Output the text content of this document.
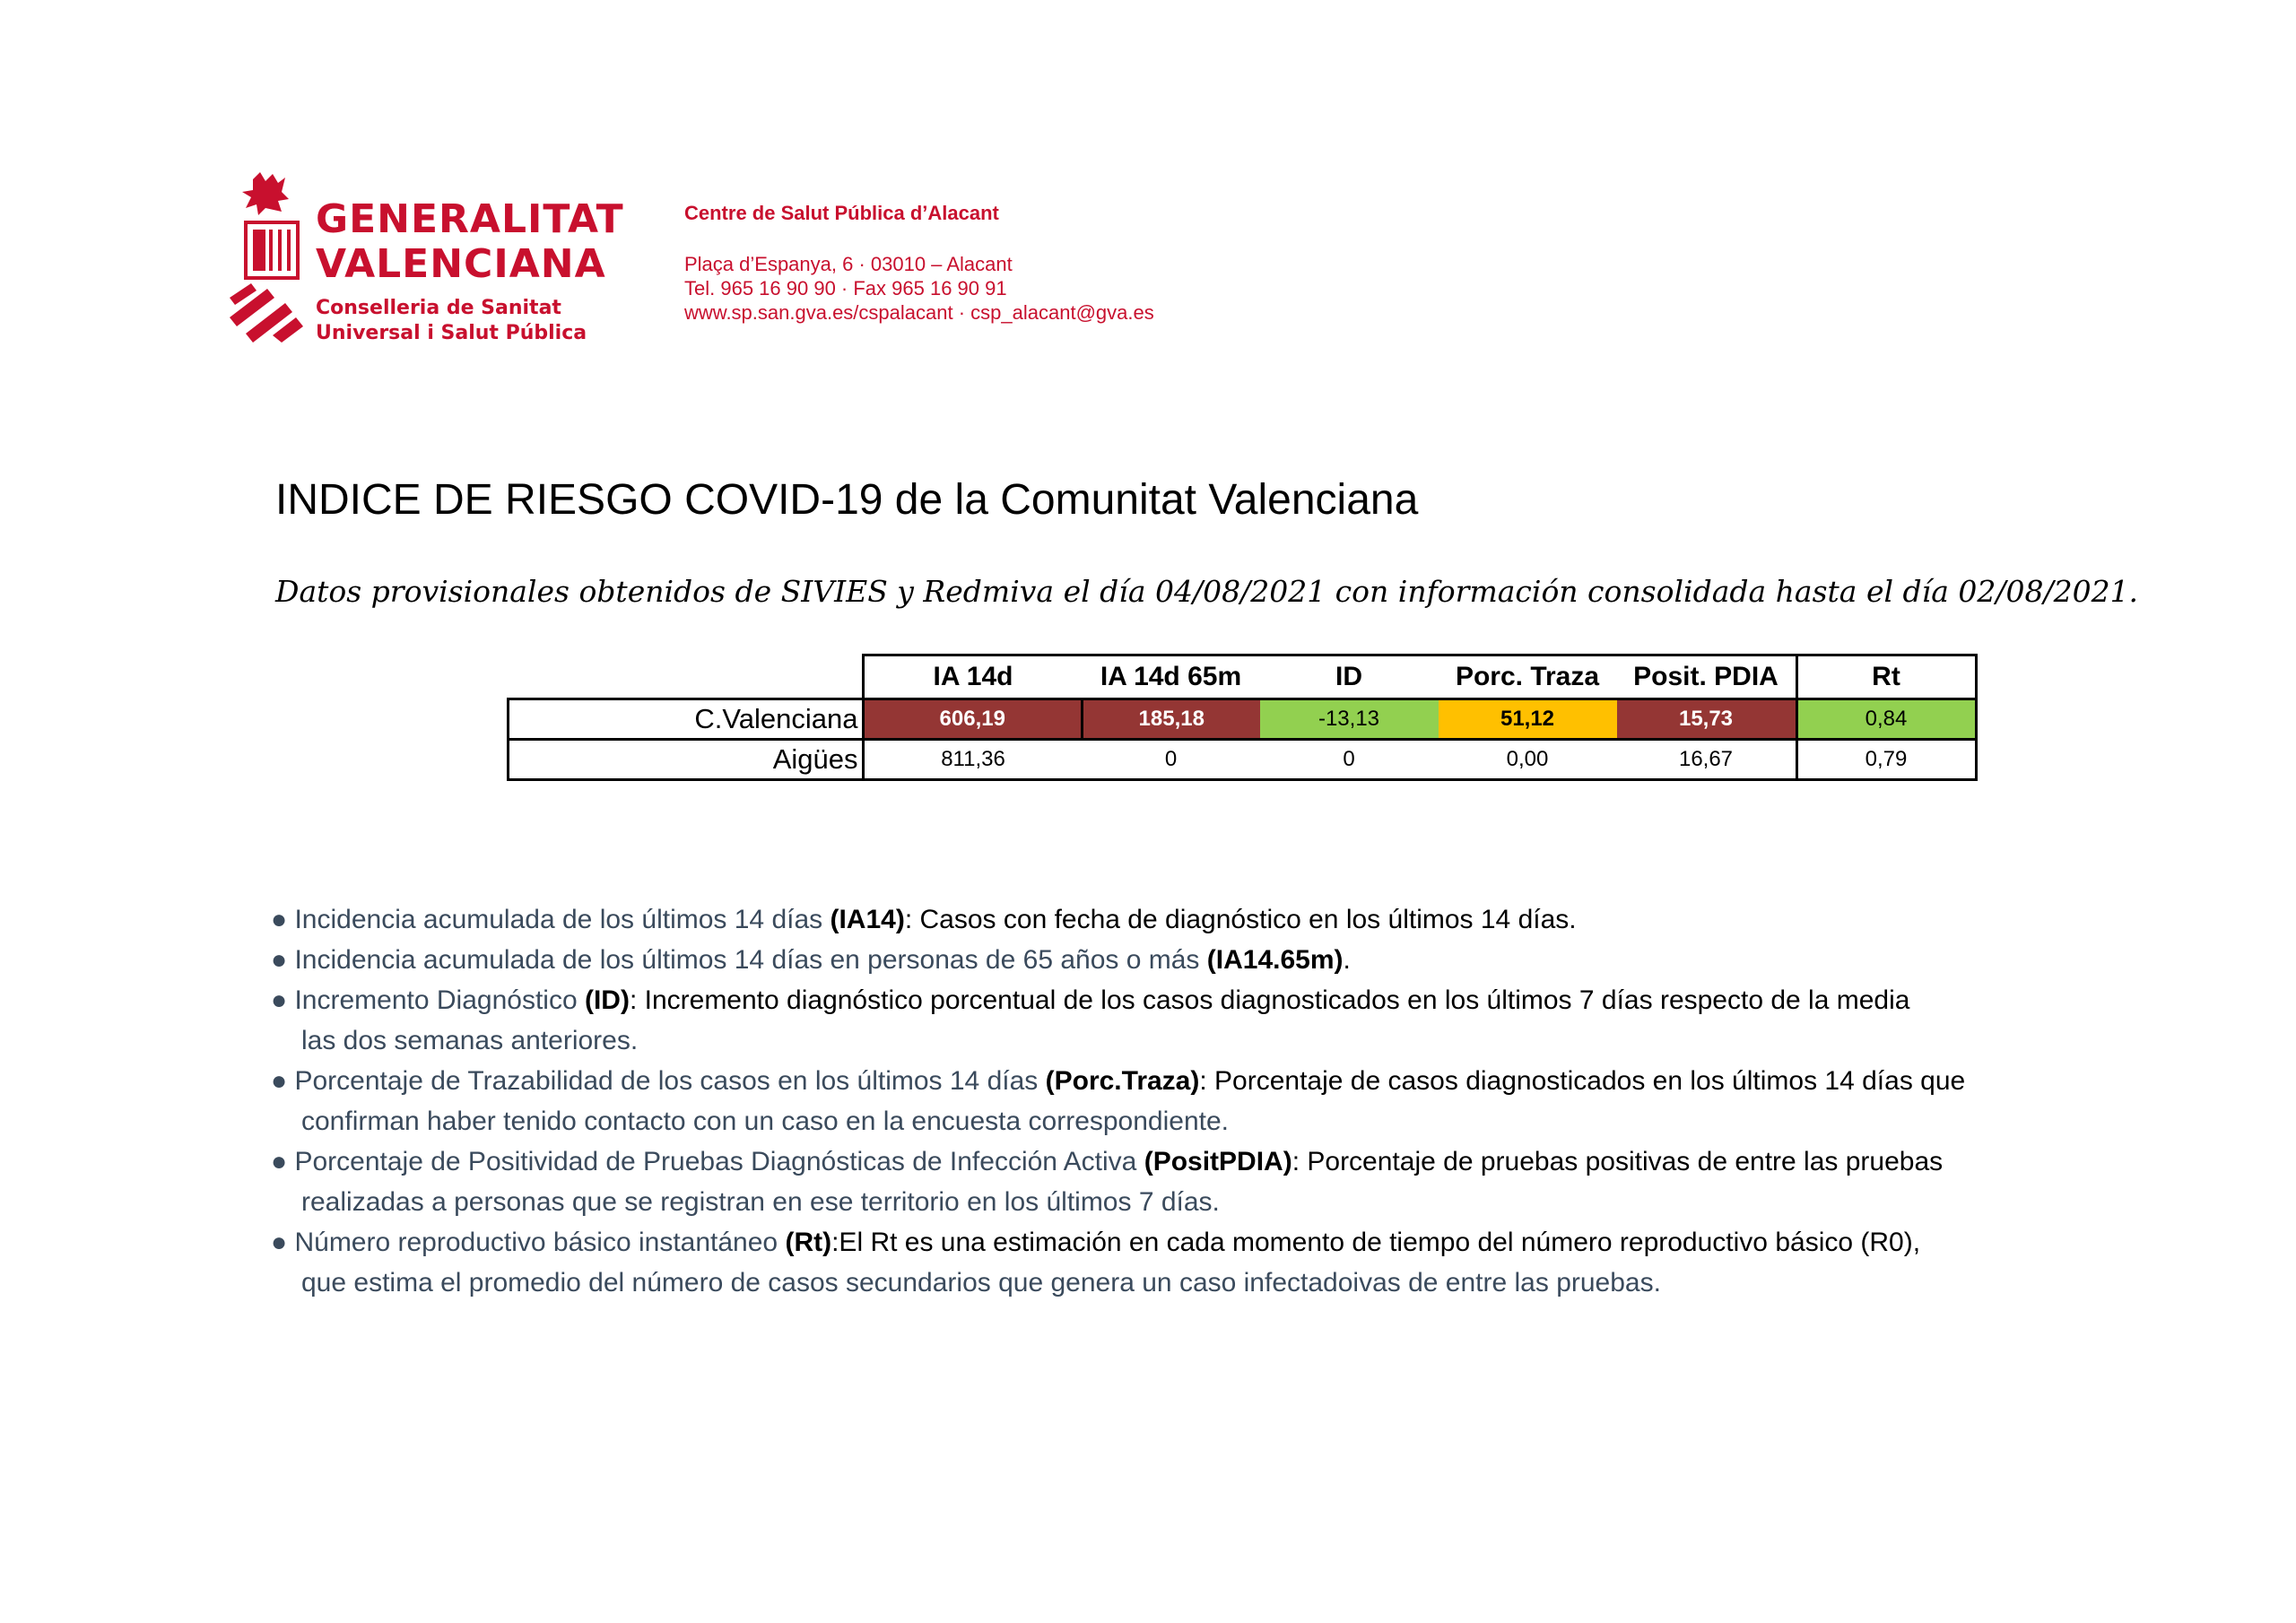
GENERALITAT
VALENCIANA
Conselleria de Sanitat
Universal i Salut Pública
Centre de Salut Pública d’Alacant
Plaça d’Espanya, 6 · 03010 – Alacant
Tel. 965 16 90 90 · Fax 965 16 90 91
www.sp.san.gva.es/cspalacant · csp_alacant@gva.es
INDICE DE RIESGO COVID-19 de la Comunitat Valenciana
Datos provisionales obtenidos de SIVIES y Redmiva el día 04/08/2021 con información consolidada hasta el día 02/08/2021.
	IA 14d	IA 14d 65m	ID	Porc. Traza	Posit. PDIA	Rt
C.Valenciana	606,19	185,18	-13,13	51,12	15,73	0,84
Aigües	811,36	0	0	0,00	16,67	0,79
● Incidencia acumulada de los últimos 14 días (IA14): Casos con fecha de diagnóstico en los últimos 14 días.
● Incidencia acumulada de los últimos 14 días en personas de 65 años o más (IA14.65m).
● Incremento Diagnóstico (ID): Incremento diagnóstico porcentual de los casos diagnosticados en los últimos 7 días respecto de la media
las dos semanas anteriores.
● Porcentaje de Trazabilidad de los casos en los últimos 14 días (Porc.Traza): Porcentaje de casos diagnosticados en los últimos 14 días que
confirman haber tenido contacto con un caso en la encuesta correspondiente.
● Porcentaje de Positividad de Pruebas Diagnósticas de Infección Activa (PositPDIA): Porcentaje de pruebas positivas de entre las pruebas
realizadas a personas que se registran en ese territorio en los últimos 7 días.
● Número reproductivo básico instantáneo (Rt):El Rt es una estimación en cada momento de tiempo del número reproductivo básico (R0),
que estima el promedio del número de casos secundarios que genera un caso infectadoivas de entre las pruebas.
